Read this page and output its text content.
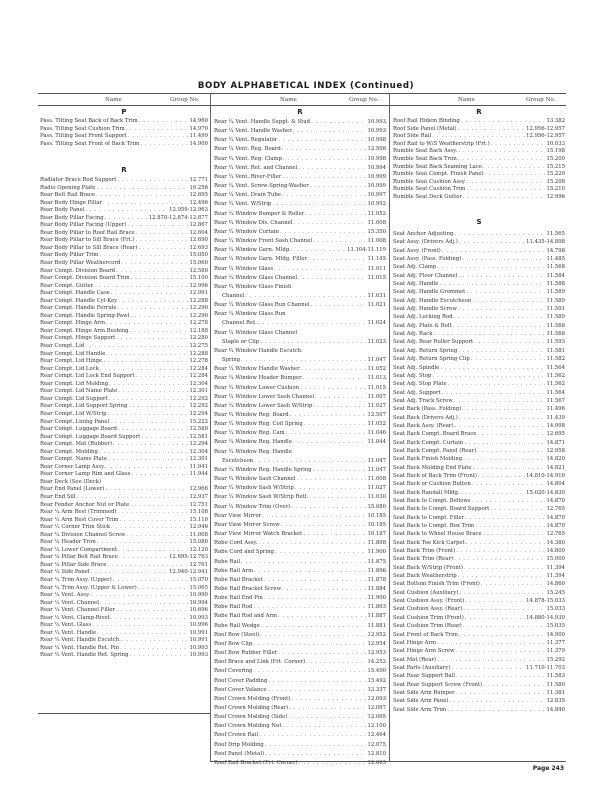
BODY ALPHABETICAL INDEX (Continued)
Name	Group No.	Name	Group No.	Name	Group No.
P
Pass. Tilting Seat Back of Back Trim . . .	14.960
Pass. Tilting Seat Cushion Trim . . .	14.970
Pass. Tilting Seat Front Support . . .	11.499
Pass. Tilting Seat Front of Back Trim . . .	14.900
R
Radiator Brace Rod Support . . .	12.771
Radio Opening Plate . . .	10.256
Rear Belt Rail Brace . . .	12.695
Rear Body Hinge Pillar . . .	12.496
Rear Body Panel . . .	12.959-12.963
Rear Body Pillar Facing . . .	12.870-12.874-12.877
Rear Body Pillar Facing (Upper) . . .	12.867
Rear Body Pillar to Roof Rail Brace . . .	12.694
Rear Body Pillar to Sill Brace (Frt.) . . .	12.690
Rear Body Pillar to Sill Brace (Rear) . . .	12.693
Rear Body Pillar Trim . . .	15.050
Rear Body Pillar Weathercord . . .	15.060
Rear Compt. Division Board . . .	12.580
Rear Compt. Division Board Trim . . .	15.100
Rear Compt. Gutter . . .	12.996
Rear Compt. Handle Case . . .	12.991
Rear Compt. Handle Cyl-Key . . .	12.288
Rear Compt. Handle Ferrule . . .	12.290
Rear Compt. Handle Spring-Pawl . . .	12.290
Rear Compt. Hinge Arm . . .	12.278
Rear Compt. Hinge Arm Bushing . . .	12.188
Rear Compt. Hinge Support . . .	12.280
Rear Compt. Lid . . .	12.275
Rear Compt. Lid Handle . . .	12.288
Rear Compt. Lid Hinge . . .	12.278
Rear Compt. Lid Lock . . .	12.284
Rear Compt. Lid Lock End Support . . .	12.284
Rear Compt. Lid Molding . . .	12.304
Rear Compt. Lid Name Plate . . .	12.301
Rear Compt. Lid Support . . .	12.292
Rear Compt. Lid Support Spring . . .	12.292
Rear Compt. Lid W/Strip . . .	12.294
Rear Compt. Lining Panel . . .	15.222
Rear Compt. Luggage Board . . .	12.580
Rear Compt. Luggage Board Support . . .	12.581
Rear Compt. Mat (Rubber) . . .	12.294
Rear Compt. Molding . . .	12.304
Rear Compt. Name Plate . . .	12.301
Rear Corner Lamp Assy. . . .	11.941
Rear Corner Lamp Rim and Glass . . .	11.944
Rear Deck (See (Deck)
Rear End Panel (Lower) . . .	12.966
Rear End Sill . . .	12.937
Rear Fender Anchor Nut or Plate . . .	12.751
Rear ¼ Arm Rest (Trimmed) . . .	15.108
Rear ¼ Arm Rest Cover Trim . . .	15.110
Rear ¼ Corner Trim Stick . . .	12.946
Rear ¼ Division Channel Screw . . .	11.008
Rear ¼ Header Trim . . .	15.080
Rear ¼ Lower Compartment . . .	12.120
Rear ¼ Pillar Belt Rail Brace . . .	12.695-12.763
Rear ¼ Pillar Side Brace . . .	12.761
Rear ¼ Side Panel . . .	12.940-12.941
Rear ¼ Trim Assy. (Upper) . . .	15.070
Rear ¼ Trim Assy. (Upper & Lower) . . .	15.065
Rear ¼ Vent. Assy. . . .	10.990
Rear ¼ Vent. Channel . . .	10.994
Rear ¼ Vent. Channel Filler . . .	10.696
Rear ¼ Vent. Clamp-Rivet . . .	10.993
Rear ¼ Vent. Glass . . .	10.996
Rear ¼ Vent. Handle . . .	10.991
Rear ¼ Vent. Handle Escutch. . . .	10.991
Rear ¼ Vent. Handle Ret. Pin . . .	10.993
Rear ¼ Vent. Handle Ret. Spring . . .	10.993
R
Rear ¼ Vent. Handle Suppt. & Stud . . .	10.993
Rear ¼ Vent. Handle Washer . . .	10.993
Rear ¼ Vent. Regulator . . .	10.998
Rear ¼ Vent. Reg. Board . . .	12.508
Rear ¼ Vent. Reg. Clamp . . .	10.998
Rear ¼ Vent. Ret. and Channel . . .	10.994
Rear ¼ Vent. River-Filler . . .	10.999
Rear ¼ Vent. Screw-Spring-Washer . . .	10.999
Rear ¼ Vent. Drain Tube . . .	10.997
Rear ¼ Vent. W/Strip . . .	10.992
Rear ¼ Window Bumper & Roller . . .	11.052
Rear ¼ Window Div. Channel . . .	11.008
Rear ¼ Window Curtain . . .	15.350
Rear ¼ Window Front Sash Channel . . .	11.008
Rear ¼ Window Garn. Mldg. . . .	11.104-11.119
Rear ¼ Window Garn. Mldg. Filler . . .	11.145
Rear ¼ Window Glass . . .	11.011
Rear ¼ Window Glass Channel . . .	11.015
Rear ¼ Window Glass Finish
Channel . . .	11.031
Rear ¼ Window Glass Run Channel . . .	11.021
Rear ¼ Window Glass Run
Channel Ret. . . .	11.024
Rear ¼ Window Glass Channel
Staple or Clip . . .	11.023
Rear ¼ Window Handle Escutch.
Spring . . .	11.047
Rear ¼ Window Handle Washer . . .	11.052
Rear ¼ Window Header Bumper . . .	11.013
Rear ¼ Window Lower Cushion . . .	11.015
Rear ¼ Window Lower Sash Channel . . .	11.007
Rear ¼ Window Lower Sash W/Strip . . .	11.027
Rear ¼ Window Reg. Board . . .	12.507
Rear ¼ Window Reg. Coil Spring . . .	11.052
Rear ¼ Window Reg. Cam . . .	11.046
Rear ¼ Window Reg. Handle . . .	11.044
Rear ¼ Window Reg. Handle
Escutcheon . . .	11.047
Rear ¼ Window Reg. Handle Spring . . .	11.047
Rear ¼ Window Sash Channel . . .	11.008
Rear ¼ Window Sash W/Strip . . .	11.027
Rear ¼ Window Sash W/Strip Retl. . . .	11.030
Rear ¼ Window Trim (Over) . . .	15.080
Rear View Mirror . . .	10.185
Rear View Mirror Screw . . .	10.185
Rear View Mirror Watch Bracket . . .	10.187
Robe Cord Assy. . . .	11.898
Robe Cord and Spring . . .	11.900
Robe Rail . . .	11.875
Robe Rail Arm . . .	11.896
Robe Rail Bracket . . .	11.878
Robe Rail Bracket Screw . . .	11.884
Robe Rail End Pin . . .	11.900
Robe Rail Rod . . .	11.893
Robe Rail Rod and Arm . . .	11.887
Robe Rail Wedge . . .	11.881
Roof Bow (Steel) . . .	12.952
Roof Bow Clip . . .	12.954
Roof Bow Rubber Filler . . .	12.953
Roof Brace and Link (Frt. Corner) . . .	14.252
Roof Covering . . .	15.490
Roof Cover Padding . . .	15.492
Roof Cover Valance . . .	13.337
Roof Crown Molding (Front) . . .	12.093
Roof Crown Molding (Rear) . . .	12.097
Roof Crown Molding (Side) . . .	12.095
Roof Crown Molding Nut . . .	12.100
Roof Crown Rail . . .	12.464
Roof Drip Molding . . .	12.075
Roof Panel (Metal) . . .	12.810
Roof Rail Bracket (Frt. Corner) . . .	12.663
R
Roof Rail Hidem Binding . . .	13.382
Roof Side Panel (Metal) . . .	12.956-12.957
Roof Side Rail . . .	12.956-12.957
Roof Rail to W/S Weatherstrip (Frt.) . . .	10.033
Rumble Seat Back Assy. . . .	15.198
Rumble Seat Back Trim . . .	15.200
Rumble Seat Back Seaming Lace . . .	15.215
Rumble Seat Compt. Finish Panel . . .	15.220
Rumble Seat Cushion Assy. . . .	15.208
Rumble Seat Cushion Trim . . .	15.210
Rumble Seat Deck Gutter . . .	12.996
S
Seat Anchor Adjusting . . .	11.565
Seat Assy. (Drivers Adj.) . . .	11.435-14.898
Seat Assy. (Front) . . .	14.798
Seat Assy. (Pass. Folding) . . .	11.485
Seat Adj. Clamp . . .	11.568
Seat Adj. Floor Channel . . .	11.584
Seat Adj. Handle . . .	11.588
Seat Adj. Handle Grommet . . .	11.589
Seat Adj. Handle Escutcheon . . .	11.589
Seat Adj. Handle Screw . . .	11.591
Seat Adj. Locking Rod . . .	11.589
Seat Adj. Plate & Bolt . . .	11.568
Seat Adj. Rack . . .	11.568
Seat Adj. Rear Roller Support . . .	11.593
Seat Adj. Return Spring . . .	11.581
Seat Adj. Return Spring Clip . . .	11.582
Seat Adj. Spindle . . .	11.564
Seat Adj. Stop . . .	11.562
Seat Adj. Stop Plate . . .	11.562
Seat Adj. Support . . .	11.564
Seat Adj. Track Screw . . .	11.567
Seat Back (Pass. Folding) . . .	11.496
Seat Back (Drivers Adj.) . . .	11.439
Seat Back Assy. (Rear) . . .	14.998
Seat Back Compt. Board Brace . . .	12.695
Seat Back Compt. Curtain . . .	14.871
Seat Back Compt. Panel (Rear) . . .	12.958
Seat Back Finish Molding . . .	14.820
Seat Back Molding End Plate . . .	14.821
Seat Back of Back Trim (Front) . . .	14.810-14.910
Seat Back or Cushion Button . . .	14.804
Seat Back Randall Mldg. . . .	15.020-14.830
Seat Back to Compt. Bellows . . .	14.870
Seat Back to Compt. Board Support . . .	12.765
Seat Back to Compt. Filler . . .	14.870
Seat Back to Compt. Box Trim . . .	14.870
Seat Back to Wheel House Brace . . .	12.765
Seat Back Toe Kick Carpet . . .	14.380
Seat Back Trim (Front) . . .	14.800
Seat Back Trim (Rear) . . .	15.000
Seat Back W/Strip (Front) . . .	11.394
Seat Back Weatherstrip . . .	11.394
Seat Bottom Finish Trim (Front) . . .	14.860
Seat Cushion (Auxiliary) . . .	15.245
Seat Cushion Assy. (Front) . . .	14.878-15.033
Seat Cushion Assy. (Rear) . . .	15.033
Seat Cushion Trim (Front) . . .	14.880-14.930
Seat Cushion Trim (Rear) . . .	15.035
Seat Front of Back Trim . . .	14.900
Seat Hinge Arm . . .	11.377
Seat Hinge Arm Screw . . .	11.379
Seat Mat (Rear) . . .	15.292
Seat Parts (Auxiliary) . . .	11.710-11.703
Seat Rear Support Ball . . .	11.583
Seat Rear Support Screw (Front) . . .	11.580
Seat Side Arm Bumper . . .	11.381
Seat Side Arm Panel . . .	12.835
Seat Side Arm Trim . . .	14.840
Page 243
